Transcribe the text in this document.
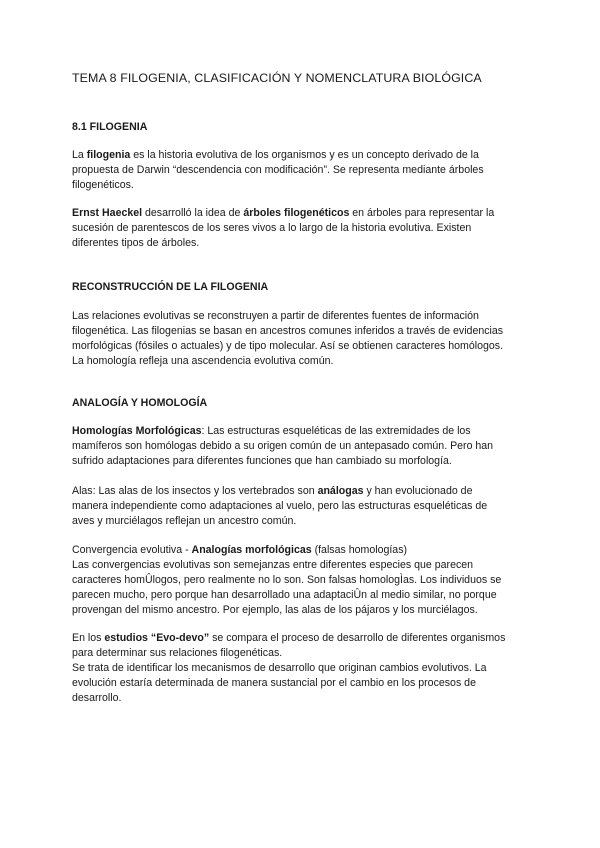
TEMA 8 FILOGENIA, CLASIFICACIÓN Y NOMENCLATURA BIOLÓGICA
8.1 FILOGENIA
La filogenia es la historia evolutiva de los organismos y es un concepto derivado de la
propuesta de Darwin “descendencia con modificación”. Se representa mediante árboles
filogenéticos.
Ernst Haeckel desarrolló la idea de árboles filogenéticos en árboles para representar la
sucesión de parentescos de los seres vivos a lo largo de la historia evolutiva. Existen
diferentes tipos de árboles.
RECONSTRUCCIÓN DE LA FILOGENIA
Las relaciones evolutivas se reconstruyen a partir de diferentes fuentes de información
filogenética. Las filogenias se basan en ancestros comunes inferidos a través de evidencias
morfológicas (fósiles o actuales) y de tipo molecular. Así se obtienen caracteres homólogos.
La homología refleja una ascendencia evolutiva común.
ANALOGÍA Y HOMOLOGÍA
Homologías Morfológicas: Las estructuras esqueléticas de las extremidades de los
mamíferos son homólogas debido a su origen común de un antepasado común. Pero han
sufrido adaptaciones para diferentes funciones que han cambiado su morfología.
Alas: Las alas de los insectos y los vertebrados son análogas y han evolucionado de
manera independiente como adaptaciones al vuelo, pero las estructuras esqueléticas de
aves y murciélagos reflejan un ancestro común.
Convergencia evolutiva - Analogías morfológicas (falsas homologías)
Las convergencias evolutivas son semejanzas entre diferentes especies que parecen
caracteres homÛlogos, pero realmente no lo son. Son falsas homologÌas. Los individuos se
parecen mucho, pero porque han desarrollado una adaptaciÛn al medio similar, no porque
provengan del mismo ancestro. Por ejemplo, las alas de los pájaros y los murciélagos.
En los estudios “Evo-devo” se compara el proceso de desarrollo de diferentes organismos
para determinar sus relaciones filogenéticas.
Se trata de identificar los mecanismos de desarrollo que originan cambios evolutivos. La
evolución estaría determinada de manera sustancial por el cambio en los procesos de
desarrollo.
